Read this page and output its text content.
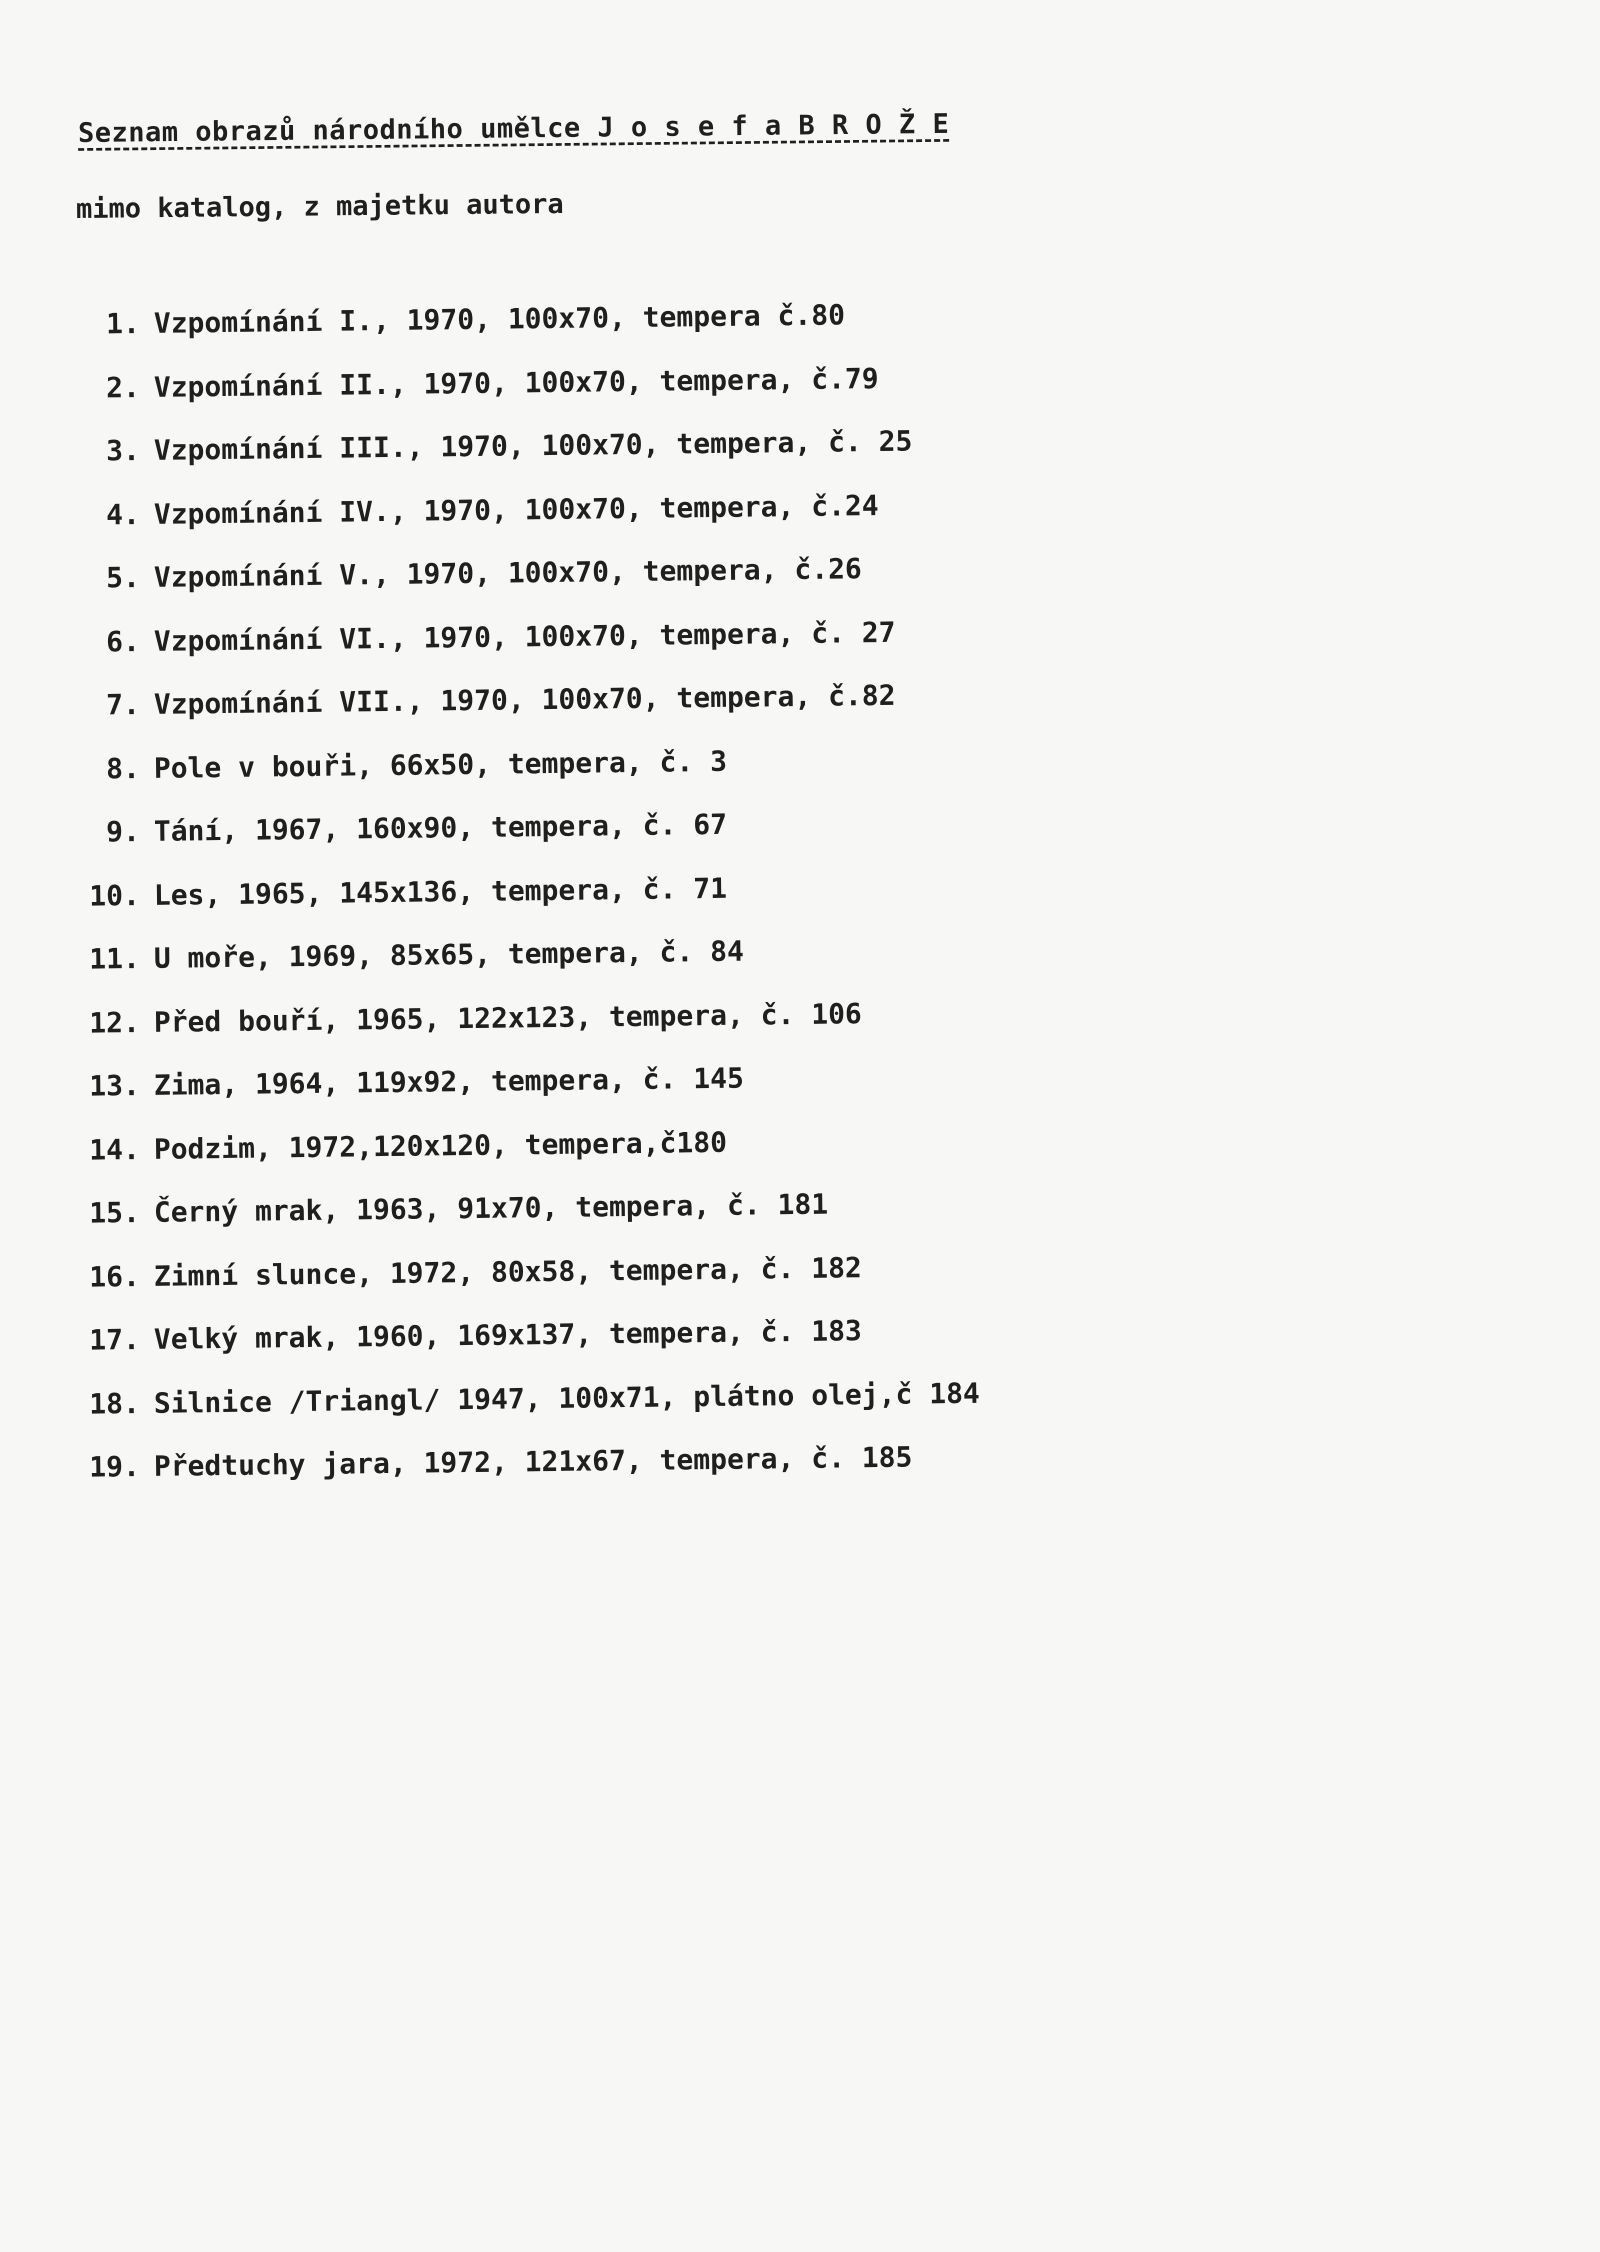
Seznam obrazů národního umělce J o s e f a B R O Ž E
mimo katalog, z majetku autora
1. Vzpomínání I., 1970, 100x70, tempera č.80
2. Vzpomínání II., 1970, 100x70, tempera, č.79
3. Vzpomínání III., 1970, 100x70, tempera, č. 25
4. Vzpomínání IV., 1970, 100x70, tempera, č.24
5. Vzpomínání V., 1970, 100x70, tempera, č.26
6. Vzpomínání VI., 1970, 100x70, tempera, č. 27
7. Vzpomínání VII., 1970, 100x70, tempera, č.82
8. Pole v bouři, 66x50, tempera, č. 3
9. Tání, 1967, 160x90, tempera, č. 67
10. Les, 1965, 145x136, tempera, č. 71
11. U moře, 1969, 85x65, tempera, č. 84
12. Před bouří, 1965, 122x123, tempera, č. 106
13. Zima, 1964, 119x92, tempera, č. 145
14. Podzim, 1972,120x120, tempera,č180
15. Černý mrak, 1963, 91x70, tempera, č. 181
16. Zimní slunce, 1972, 80x58, tempera, č. 182
17. Velký mrak, 1960, 169x137, tempera, č. 183
18. Silnice /Triangl/ 1947, 100x71, plátno olej,č 184
19. Předtuchy jara, 1972, 121x67, tempera, č. 185
